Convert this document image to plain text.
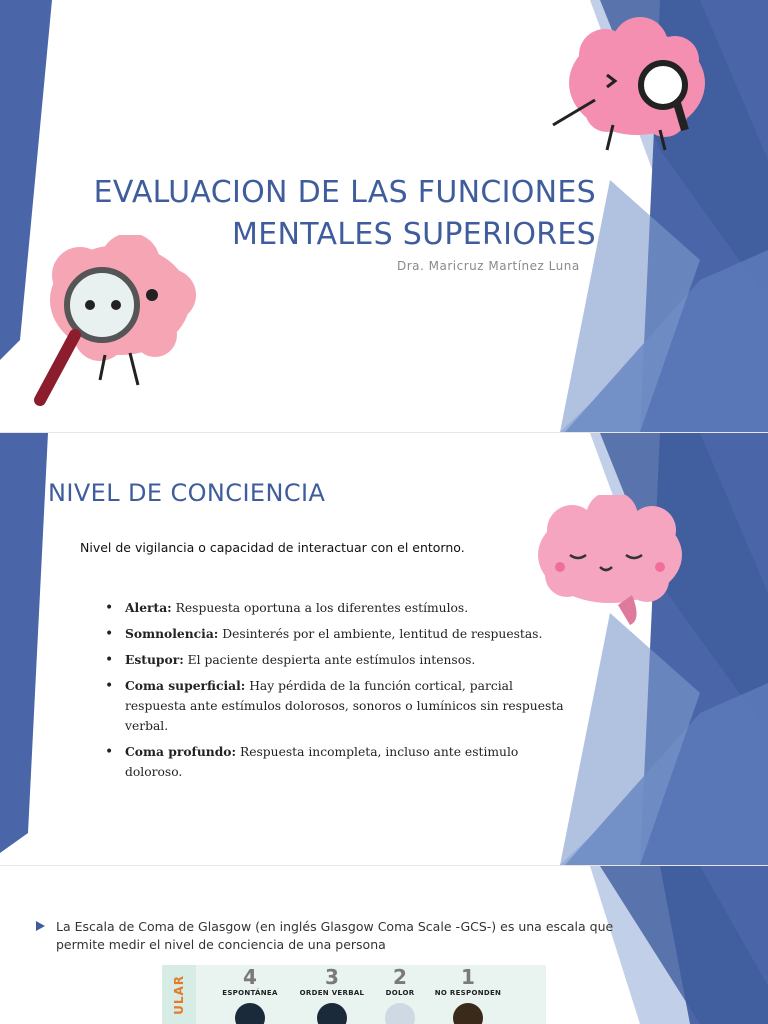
EVALUACION DE LAS FUNCIONES
MENTALES SUPERIORES
Dra. Maricruz Martínez Luna
NIVEL DE CONCIENCIA
Nivel de vigilancia o capacidad de interactuar con el entorno.
• Alerta: Respuesta oportuna a los diferentes estímulos.
• Somnolencia: Desinterés por el ambiente, lentitud de respuestas.
• Estupor: El paciente despierta ante estímulos intensos.
• Coma superficial: Hay pérdida de la función cortical, parcial respuesta ante estímulos dolorosos, sonoros o lumínicos sin respuesta verbal.
• Coma profundo: Respuesta incompleta, incluso ante estimulo doloroso.
La Escala de Coma de Glasgow (en inglés Glasgow Coma Scale -GCS-) es una escala que permite medir el nivel de conciencia de una persona
ULAR	4
ESPONTÁNEA
3
ORDEN VERBAL
2
DOLOR
1
NO RESPONDEN
